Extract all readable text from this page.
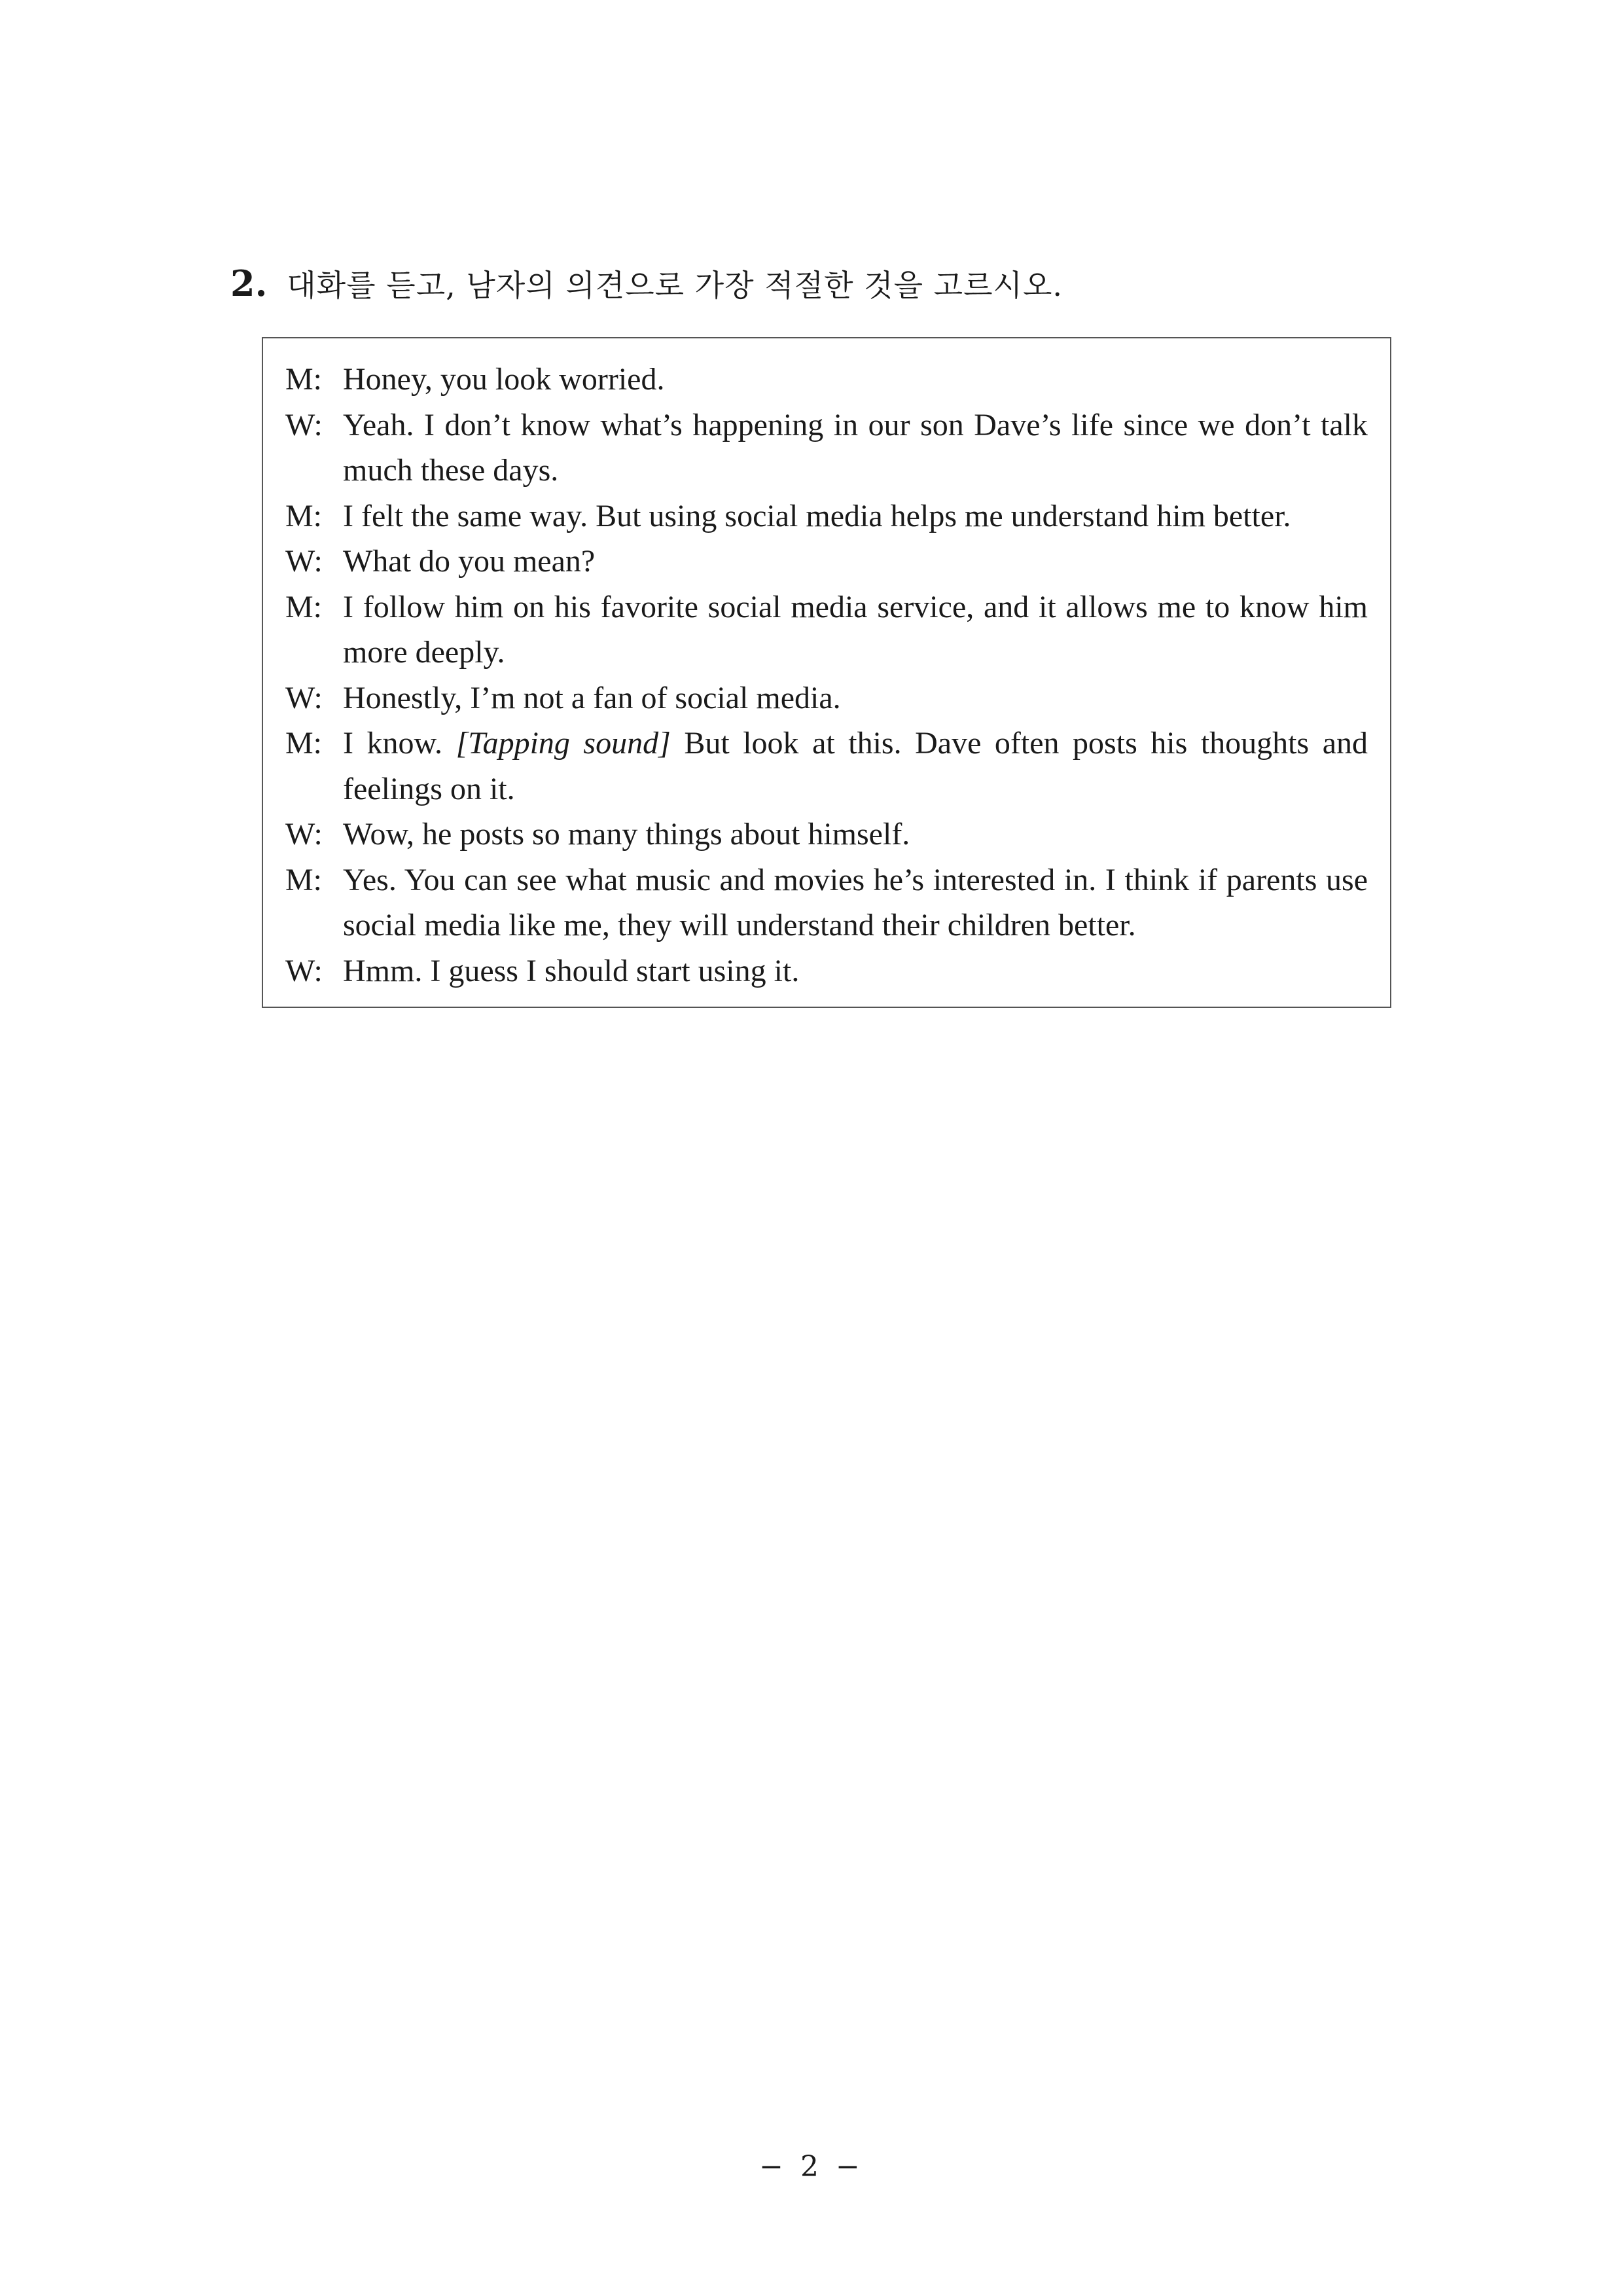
2. 대화를 듣고, 남자의 의견으로 가장 적절한 것을 고르시오.
M: Honey, you look worried.
W: Yeah. I don’t know what’s happening in our son Dave’s life since we don’t talk much these days.
M: I felt the same way. But using social media helps me understand him better.
W: What do you mean?
M: I follow him on his favorite social media service, and it allows me to know him more deeply.
W: Honestly, I’m not a fan of social media.
M: I know. [Tapping sound] But look at this. Dave often posts his thoughts and feelings on it.
W: Wow, he posts so many things about himself.
M: Yes. You can see what music and movies he’s interested in. I think if parents use social media like me, they will understand their children better.
W: Hmm. I guess I should start using it.
− 2 −
